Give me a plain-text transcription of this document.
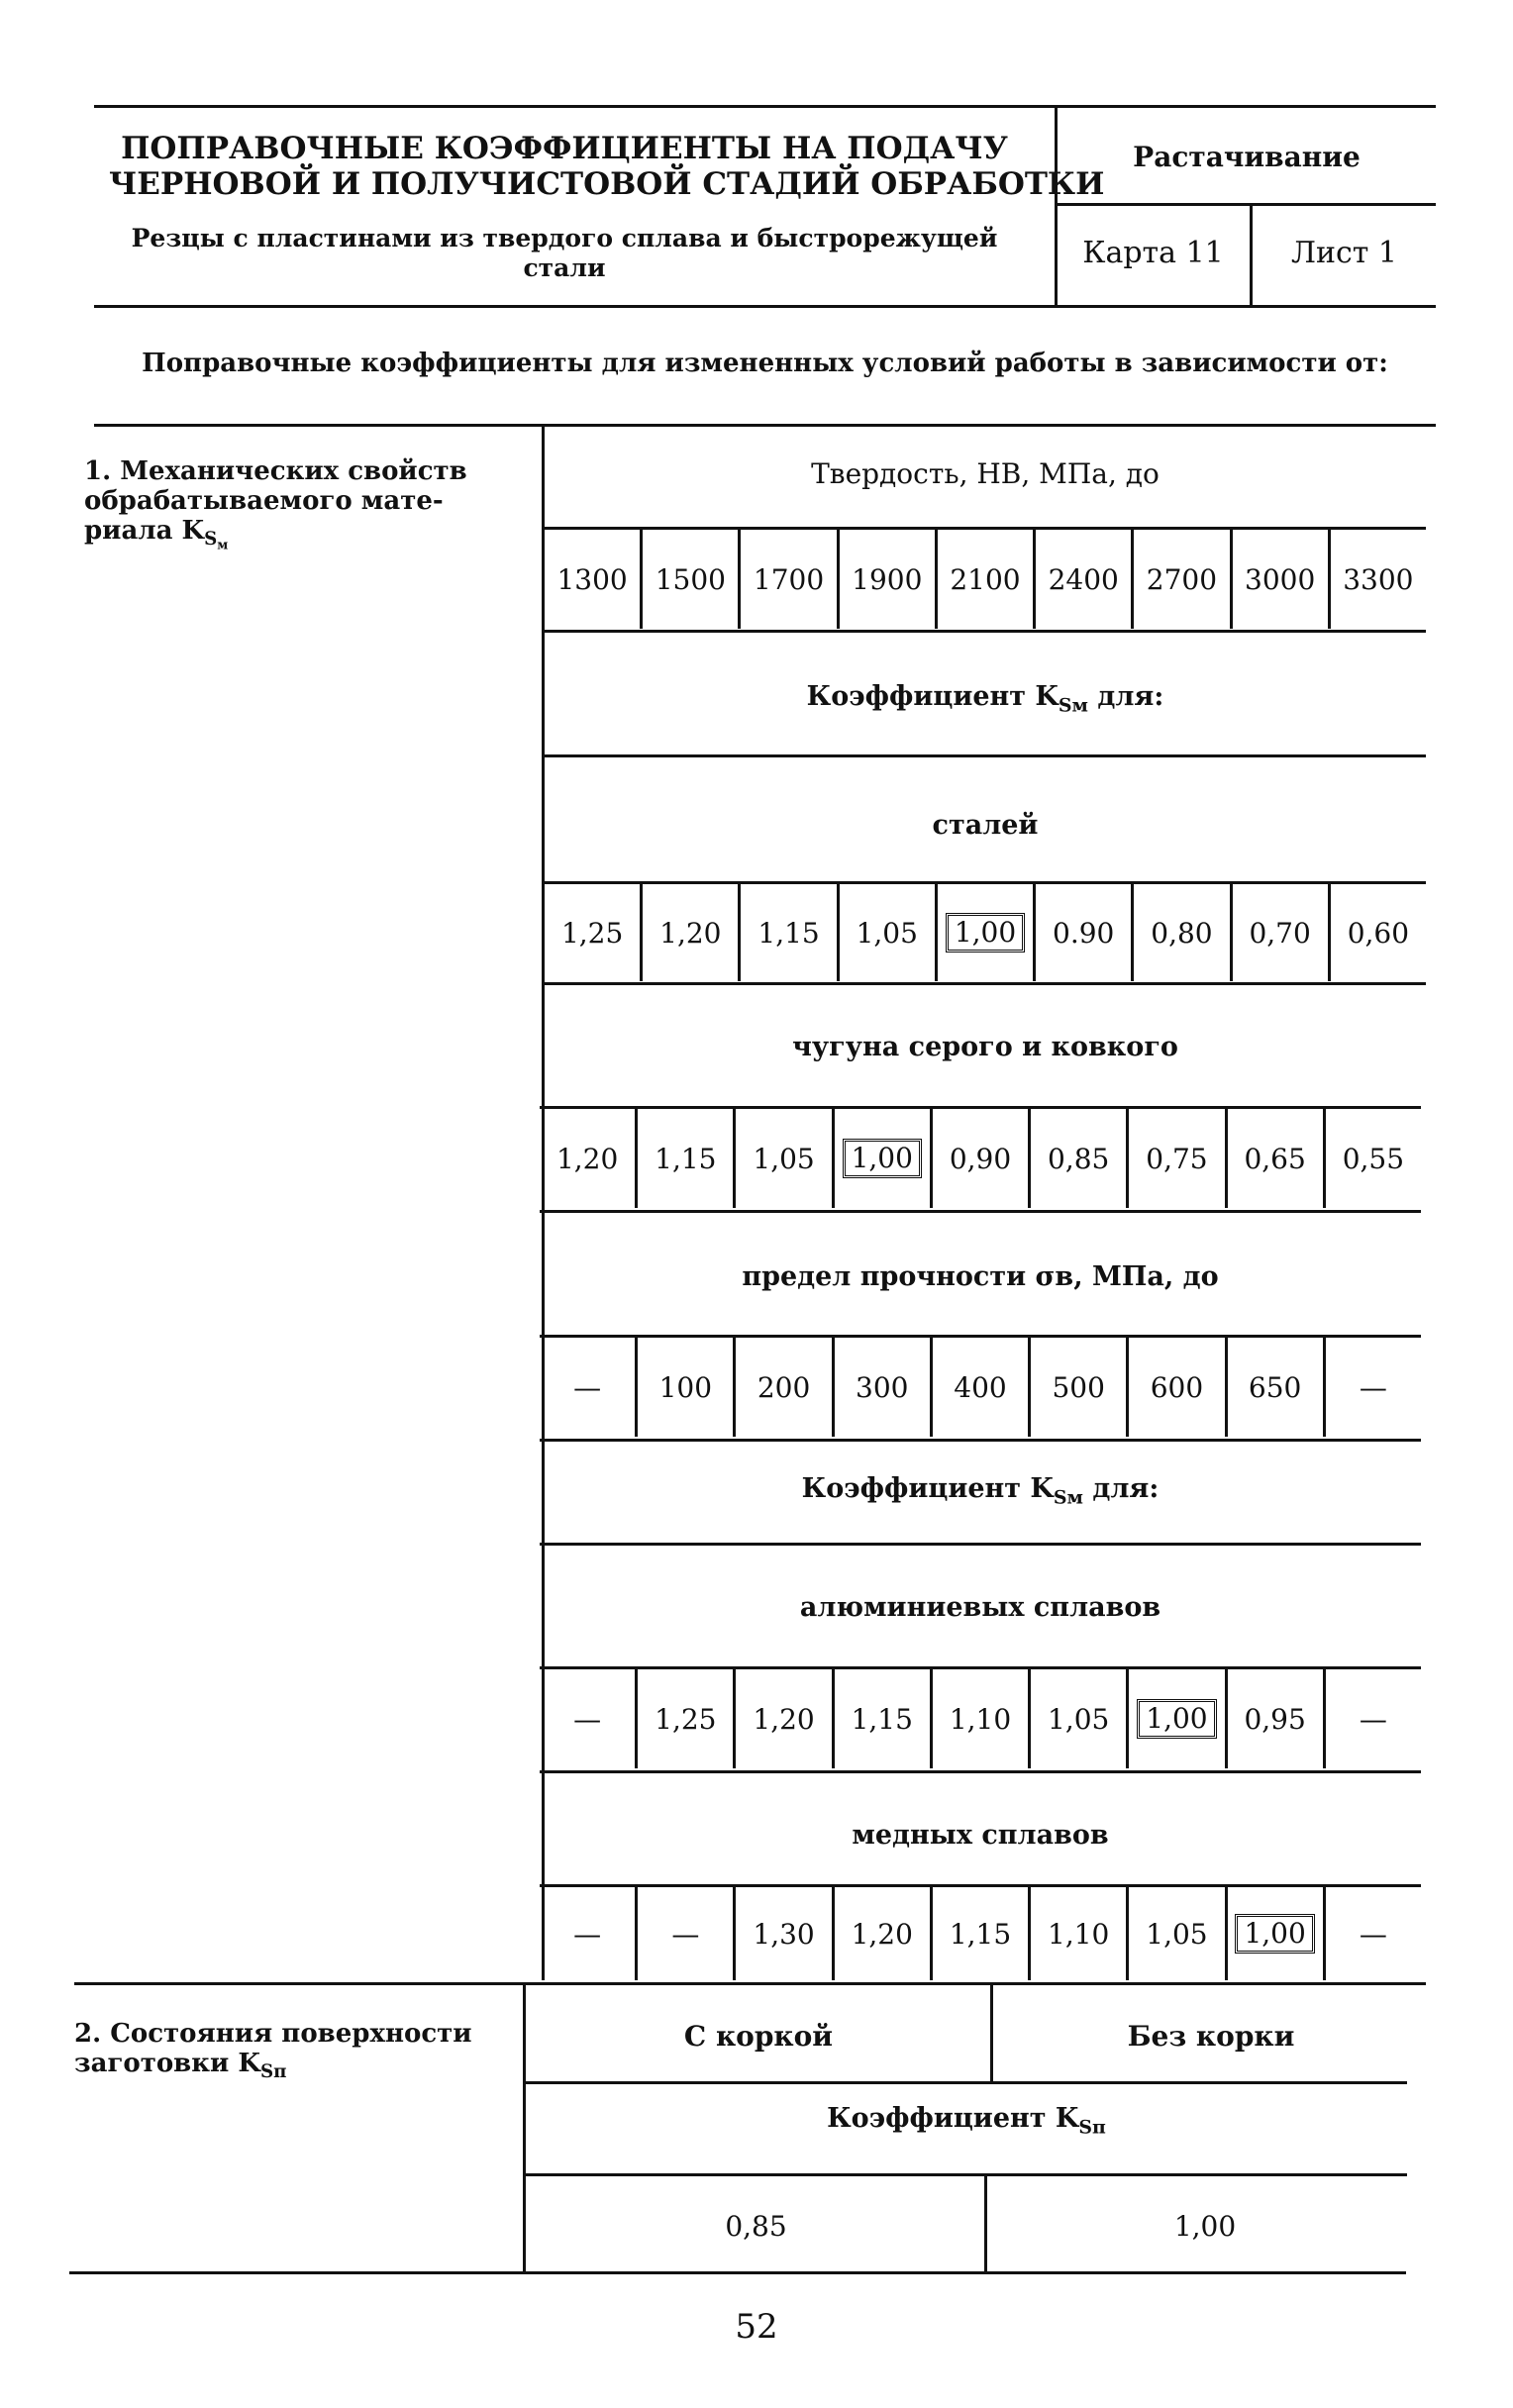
ПОПРАВОЧНЫЕ КОЭФФИЦИЕНТЫ НА ПОДАЧУ
ЧЕРНОВОЙ И ПОЛУЧИСТОВОЙ СТАДИЙ ОБРАБОТКИ
Резцы с пластинами из твердого сплава и быстрорежущей
стали
Растачивание
Карта 11	Лист 1
Поправочные коэффициенты для измененных условий работы в зависимости от:
1. Механических свойств
обрабатываемого мате-
риала $K_{S_м}$
Твердость, НВ, МПа, до
1300 1500 1700 1900 2100 2400 2700 3000 3300
Коэффициент $K_{Sм}$ для:
сталей
1,25	1,20	1,15	1,05	1,00	0.90	0,80	0,70	0,60
чугуна серого и ковкого
1,20	1,15	1,05	1,00	0,90	0,85	0,75	0,65	0,55
предел прочности σв, МПа, до
—	100	200	300	400	500	600	650	—
Коэффициент $K_{Sм}$ для:
алюминиевых сплавов
—	1,25	1,20	1,15	1,10	1,05	1,00	0,95	—
медных сплавов
—	—	1,30	1,20	1,15	1,10	1,05	1,00	—
2. Состояния поверхности
заготовки $K_{Sп}$
С коркой	Без корки
Коэффициент $K_{Sп}$
0,85	1,00
52
